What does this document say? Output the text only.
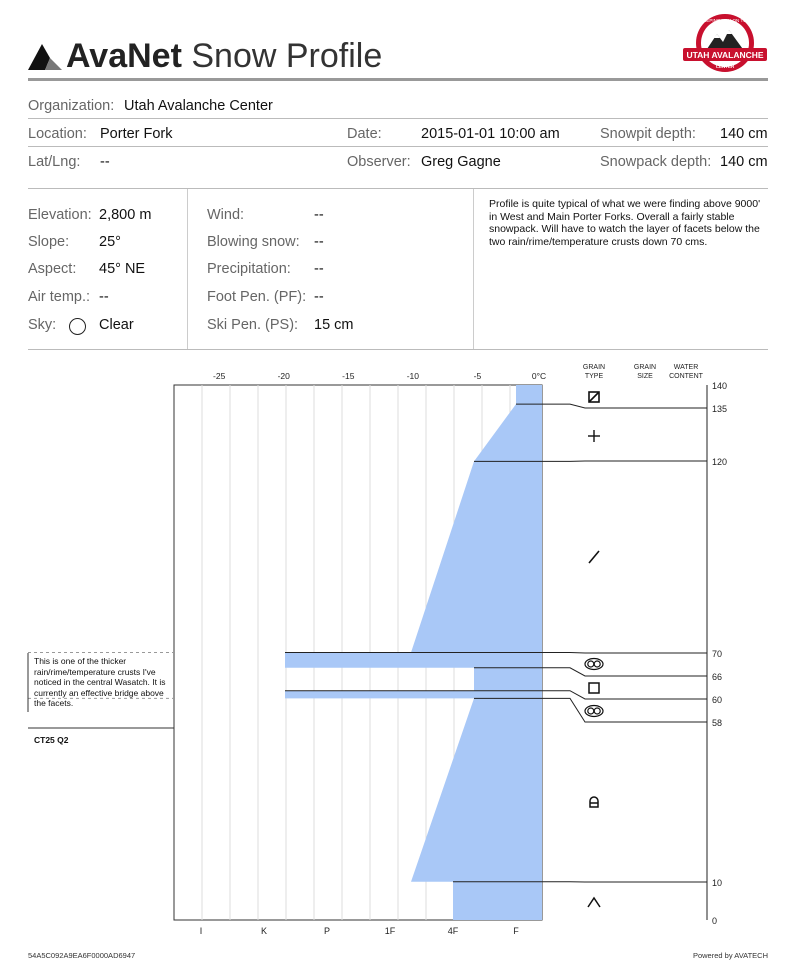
AvaNet Snow Profile
KEEPING YOU ON TOP
UTAH AVALANCHE
CENTER
Organization: Utah Avalanche Center
Location: Porter Fork	Date:	2015-01-01 10:00 am	Snowpit depth: 140 cm
Lat/Lng: --	Observer: Greg Gagne	Snowpack depth: 140 cm
Elevation: 2,800 m
Slope: 25°
Aspect: 45° NE
Air temp.: --
Sky:	Clear
Wind:	--
Blowing snow: --
Precipitation: --
Foot Pen. (PF): --
Ski Pen. (PS): 15 cm
Profile is quite typical of what we were finding above 9000' in West and Main Porter Forks. Overall a fairly stable snowpack. Will have to watch the layer of facets below the two rain/rime/temperature crusts down 70 cms.
This is one of the thicker rain/rime/temperature crusts I've noticed in the central Wasatch. It is currently an effective bridge above the facets.
CT25 Q2
140
135
120
70
66
60
58
10
0
-25	-20	-15	-10	-5	0°C
GRAIN
TYPE
GRAIN
SIZE
WATER
CONTENT
I	K	P	1F	4F	F
54A5C092A9EA6F0000AD6947	Powered by AVATECH
